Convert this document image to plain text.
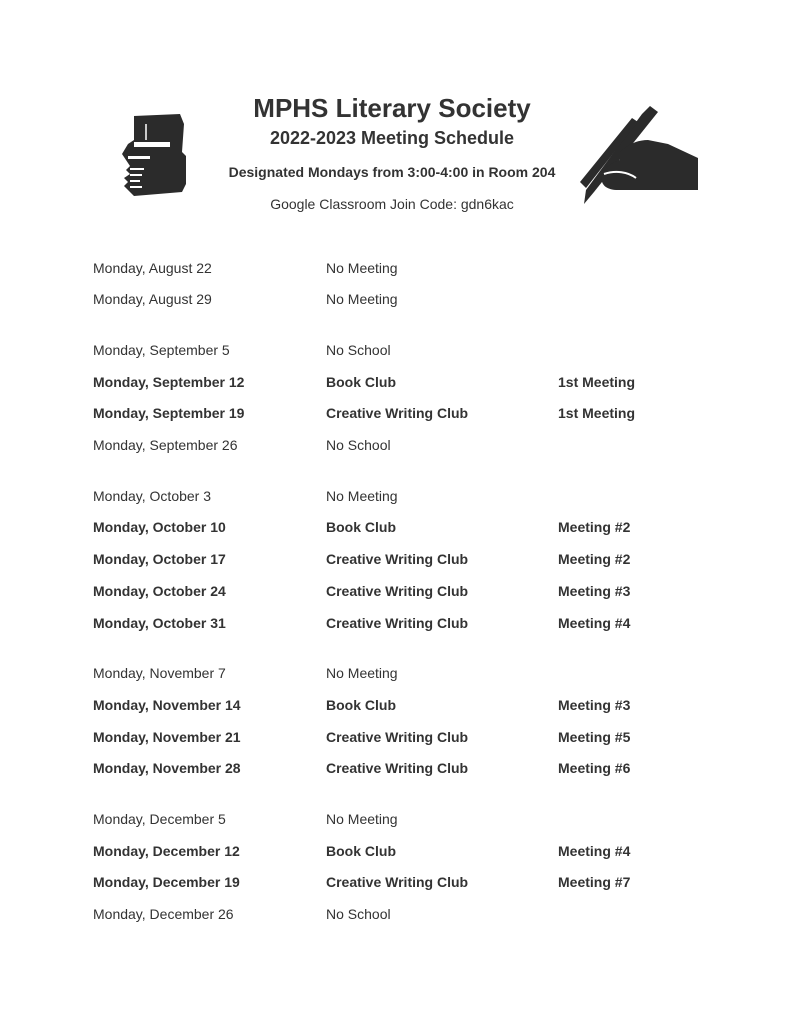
MPHS Literary Society
2022-2023 Meeting Schedule
Designated Mondays from 3:00-4:00 in Room 204
Google Classroom Join Code: gdn6kac
Monday, August 22	No Meeting
Monday, August 29	No Meeting
Monday, September 5	No School
Monday, September 12	Book Club	1st Meeting
Monday, September 19	Creative Writing Club	1st Meeting
Monday, September 26	No School
Monday, October 3	No Meeting
Monday, October 10	Book Club	Meeting #2
Monday, October 17	Creative Writing Club	Meeting #2
Monday, October 24	Creative Writing Club	Meeting #3
Monday, October 31	Creative Writing Club	Meeting #4
Monday, November 7	No Meeting
Monday, November 14	Book Club	Meeting #3
Monday, November 21	Creative Writing Club	Meeting #5
Monday, November 28	Creative Writing Club	Meeting #6
Monday, December 5	No Meeting
Monday, December 12	Book Club	Meeting #4
Monday, December 19	Creative Writing Club	Meeting #7
Monday, December 26	No School
